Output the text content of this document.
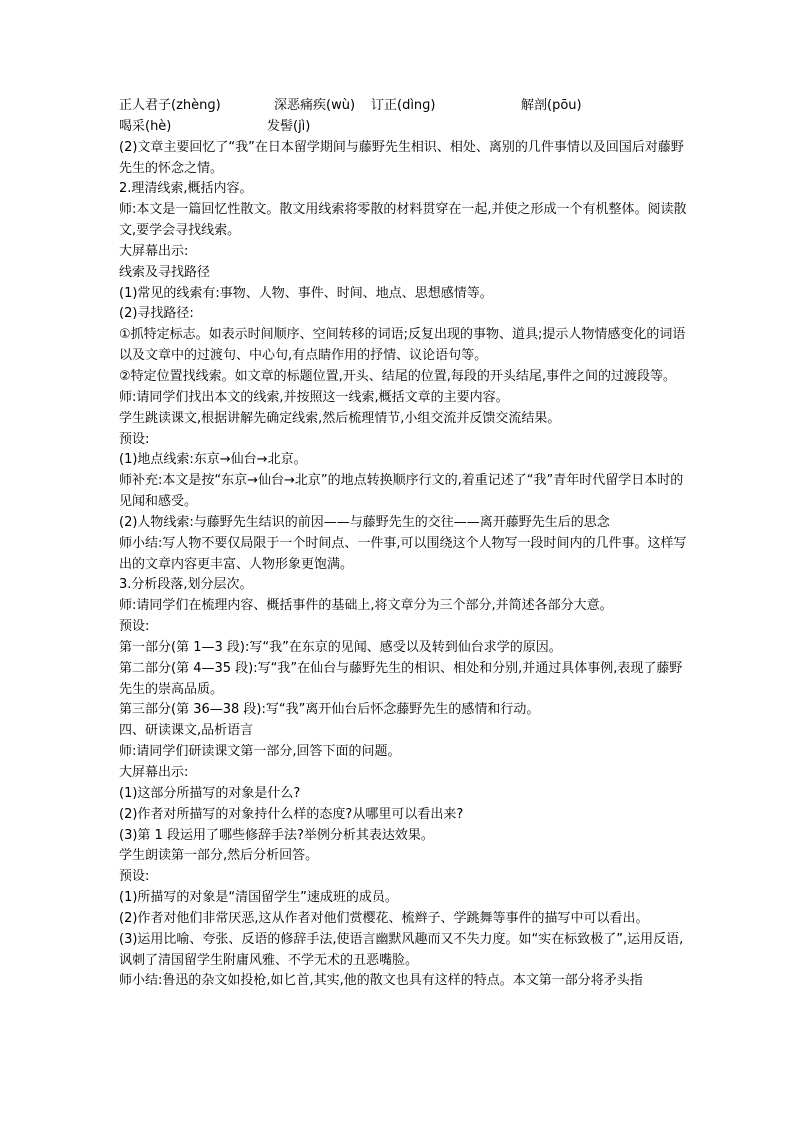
正人君子(zhènɡ)	深恶痛疾(wù) 订正(dìnɡ)	解剖(pōu)
喝采(hè)	发髻(jì)
(2)文章主要回忆了“我”在日本留学期间与藤野先生相识、相处、离别的几件事情以及回国后对藤野先生的怀念之情。
2.理清线索,概括内容。
师:本文是一篇回忆性散文。散文用线索将零散的材料贯穿在一起,并使之形成一个有机整体。阅读散文,要学会寻找线索。
大屏幕出示:
线索及寻找路径
(1)常见的线索有:事物、人物、事件、时间、地点、思想感情等。
(2)寻找路径:
①抓特定标志。如表示时间顺序、空间转移的词语;反复出现的事物、道具;提示人物情感变化的词语以及文章中的过渡句、中心句,有点睛作用的抒情、议论语句等。
②特定位置找线索。如文章的标题位置,开头、结尾的位置,每段的开头结尾,事件之间的过渡段等。
师:请同学们找出本文的线索,并按照这一线索,概括文章的主要内容。
学生跳读课文,根据讲解先确定线索,然后梳理情节,小组交流并反馈交流结果。
预设:
(1)地点线索:东京→仙台→北京。
师补充:本文是按“东京→仙台→北京”的地点转换顺序行文的,着重记述了“我”青年时代留学日本时的见闻和感受。
(2)人物线索:与藤野先生结识的前因——与藤野先生的交往——离开藤野先生后的思念
师小结:写人物不要仅局限于一个时间点、一件事,可以围绕这个人物写一段时间内的几件事。这样写出的文章内容更丰富、人物形象更饱满。
3.分析段落,划分层次。
师:请同学们在梳理内容、概括事件的基础上,将文章分为三个部分,并简述各部分大意。
预设:
第一部分(第 1—3 段):写“我”在东京的见闻、感受以及转到仙台求学的原因。
第二部分(第 4—35 段):写“我”在仙台与藤野先生的相识、相处和分别,并通过具体事例,表现了藤野先生的崇高品质。
第三部分(第 36—38 段):写“我”离开仙台后怀念藤野先生的感情和行动。
四、研读课文,品析语言
师:请同学们研读课文第一部分,回答下面的问题。
大屏幕出示:
(1)这部分所描写的对象是什么?
(2)作者对所描写的对象持什么样的态度?从哪里可以看出来?
(3)第 1 段运用了哪些修辞手法?举例分析其表达效果。
学生朗读第一部分,然后分析回答。
预设:
(1)所描写的对象是“清国留学生”速成班的成员。
(2)作者对他们非常厌恶,这从作者对他们赏樱花、梳辫子、学跳舞等事件的描写中可以看出。
(3)运用比喻、夸张、反语的修辞手法,使语言幽默风趣而又不失力度。如“实在标致极了”,运用反语,讽刺了清国留学生附庸风雅、不学无术的丑恶嘴脸。
师小结:鲁迅的杂文如投枪,如匕首,其实,他的散文也具有这样的特点。本文第一部分将矛头指
